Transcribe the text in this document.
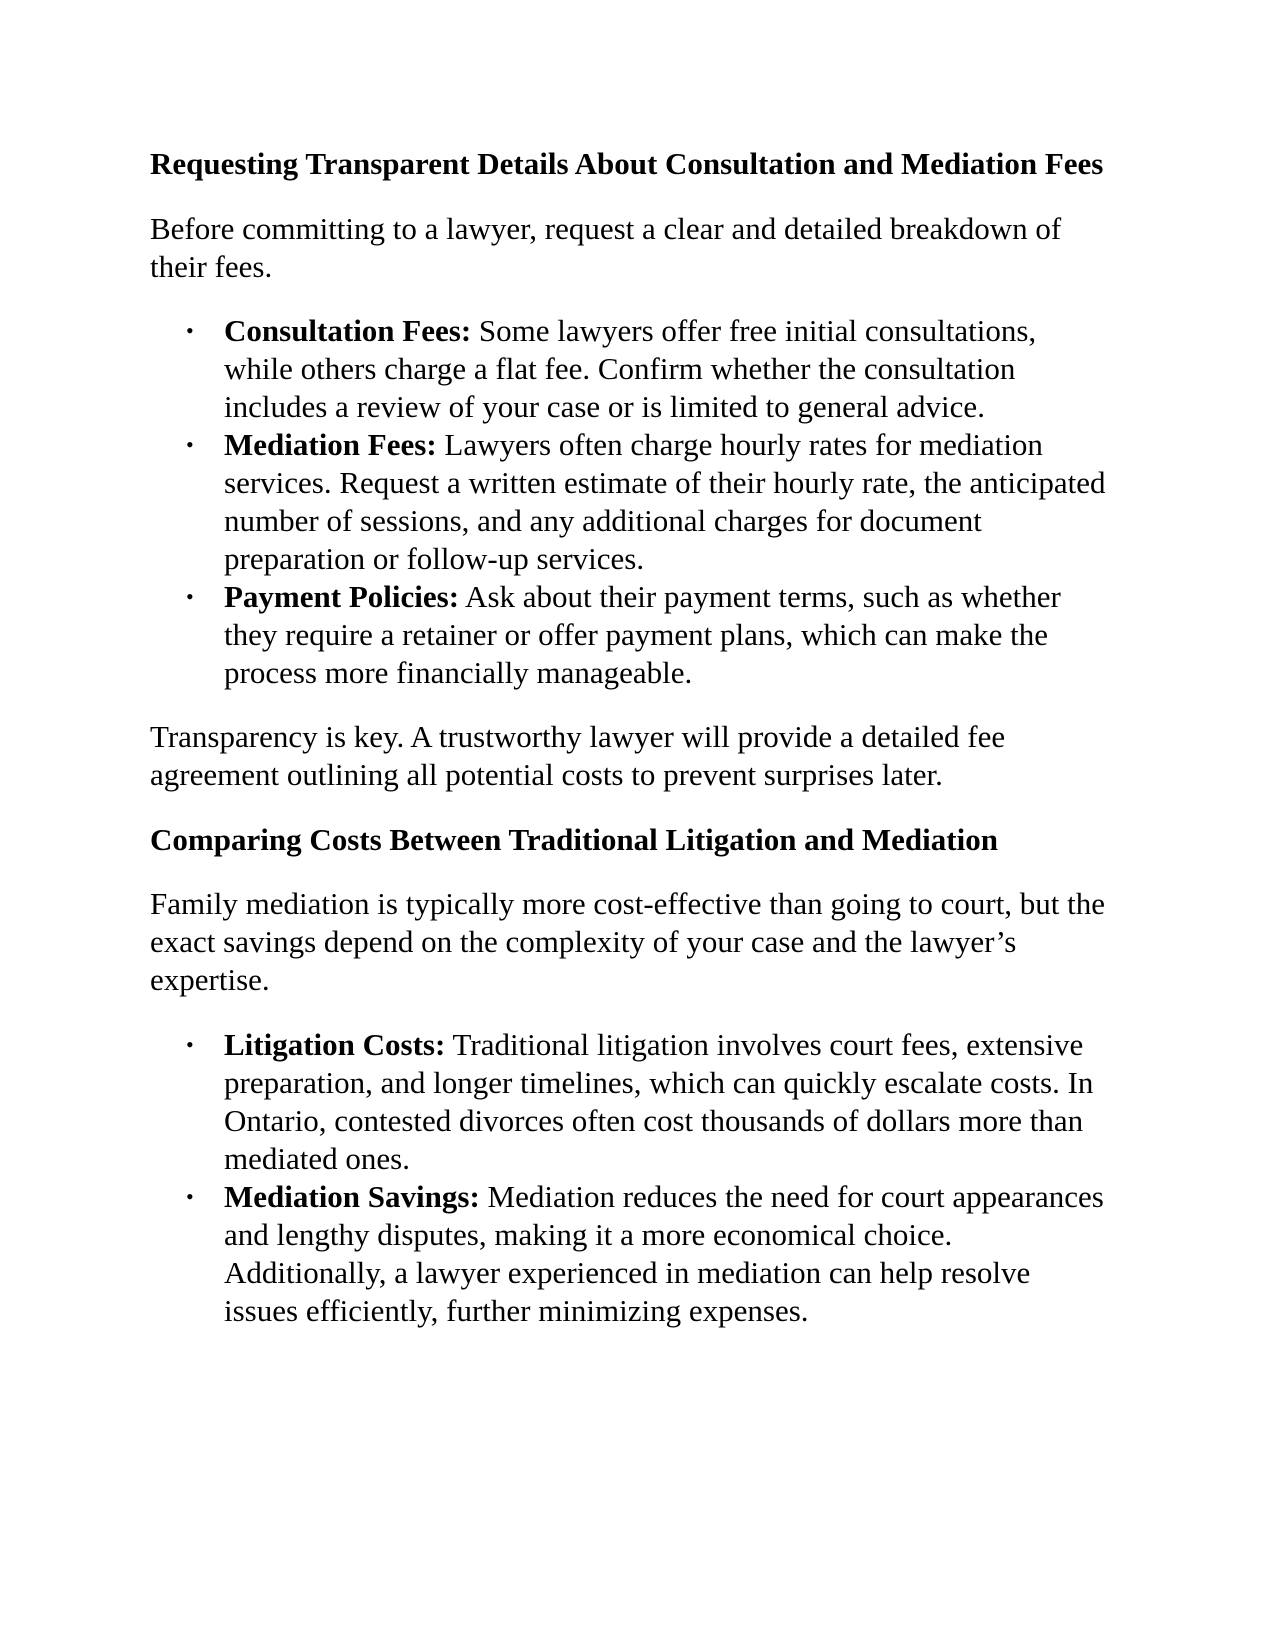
Requesting Transparent Details About Consultation and Mediation Fees

Before committing to a lawyer, request a clear and detailed breakdown of their fees.

• Consultation Fees: Some lawyers offer free initial consultations, while others charge a flat fee. Confirm whether the consultation includes a review of your case or is limited to general advice.
• Mediation Fees: Lawyers often charge hourly rates for mediation services. Request a written estimate of their hourly rate, the anticipated number of sessions, and any additional charges for document preparation or follow-up services.
• Payment Policies: Ask about their payment terms, such as whether they require a retainer or offer payment plans, which can make the process more financially manageable.

Transparency is key. A trustworthy lawyer will provide a detailed fee agreement outlining all potential costs to prevent surprises later.

Comparing Costs Between Traditional Litigation and Mediation

Family mediation is typically more cost-effective than going to court, but the exact savings depend on the complexity of your case and the lawyer’s expertise.

• Litigation Costs: Traditional litigation involves court fees, extensive preparation, and longer timelines, which can quickly escalate costs. In Ontario, contested divorces often cost thousands of dollars more than mediated ones.
• Mediation Savings: Mediation reduces the need for court appearances and lengthy disputes, making it a more economical choice. Additionally, a lawyer experienced in mediation can help resolve issues efficiently, further minimizing expenses.
